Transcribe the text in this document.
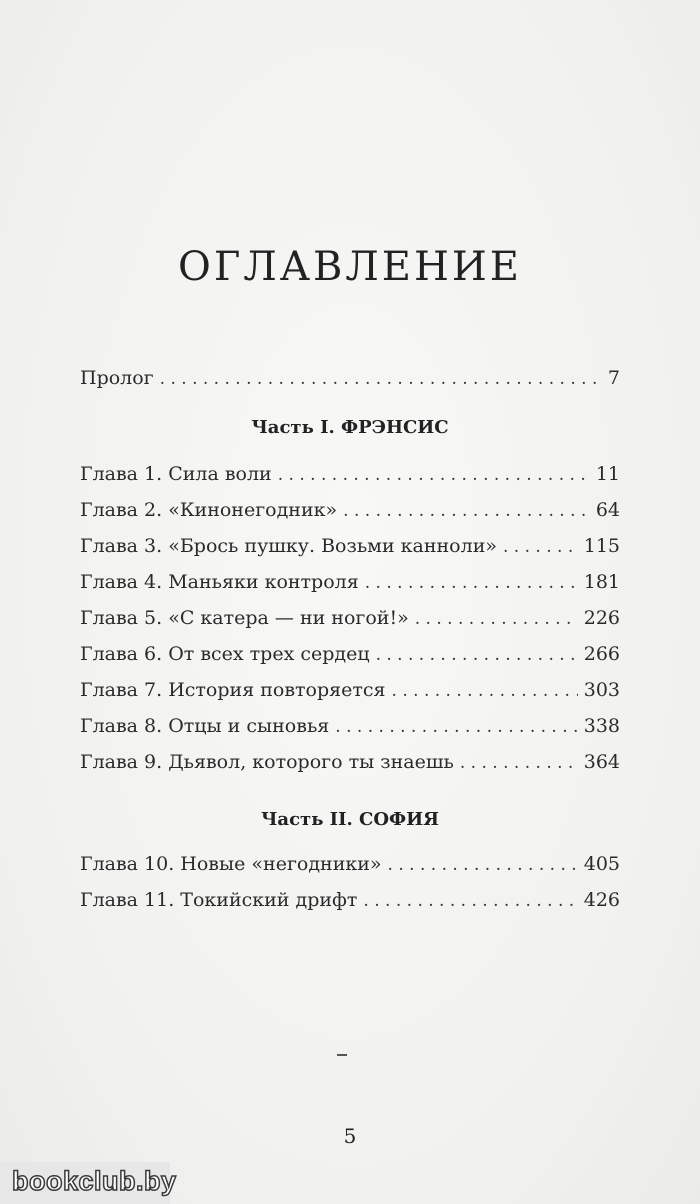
ОГЛАВЛЕНИЕ
Пролог . . .	7
Часть I. ФРЭНСИС
Глава 1. Сила воли . . .	11
Глава 2. «Кинонегодник» . . .	64
Глава 3. «Брось пушку. Возьми канноли» . . .	115
Глава 4. Маньяки контроля . . .	181
Глава 5. «С катера — ни ногой!» . . .	226
Глава 6. От всех трех сердец . . .	266
Глава 7. История повторяется . . .	303
Глава 8. Отцы и сыновья . . .	338
Глава 9. Дьявол, которого ты знаешь . . .	364
Часть II. СОФИЯ
Глава 10. Новые «негодники» . . .	405
Глава 11. Токийский дрифт . . .	426
5
bookclub.by
